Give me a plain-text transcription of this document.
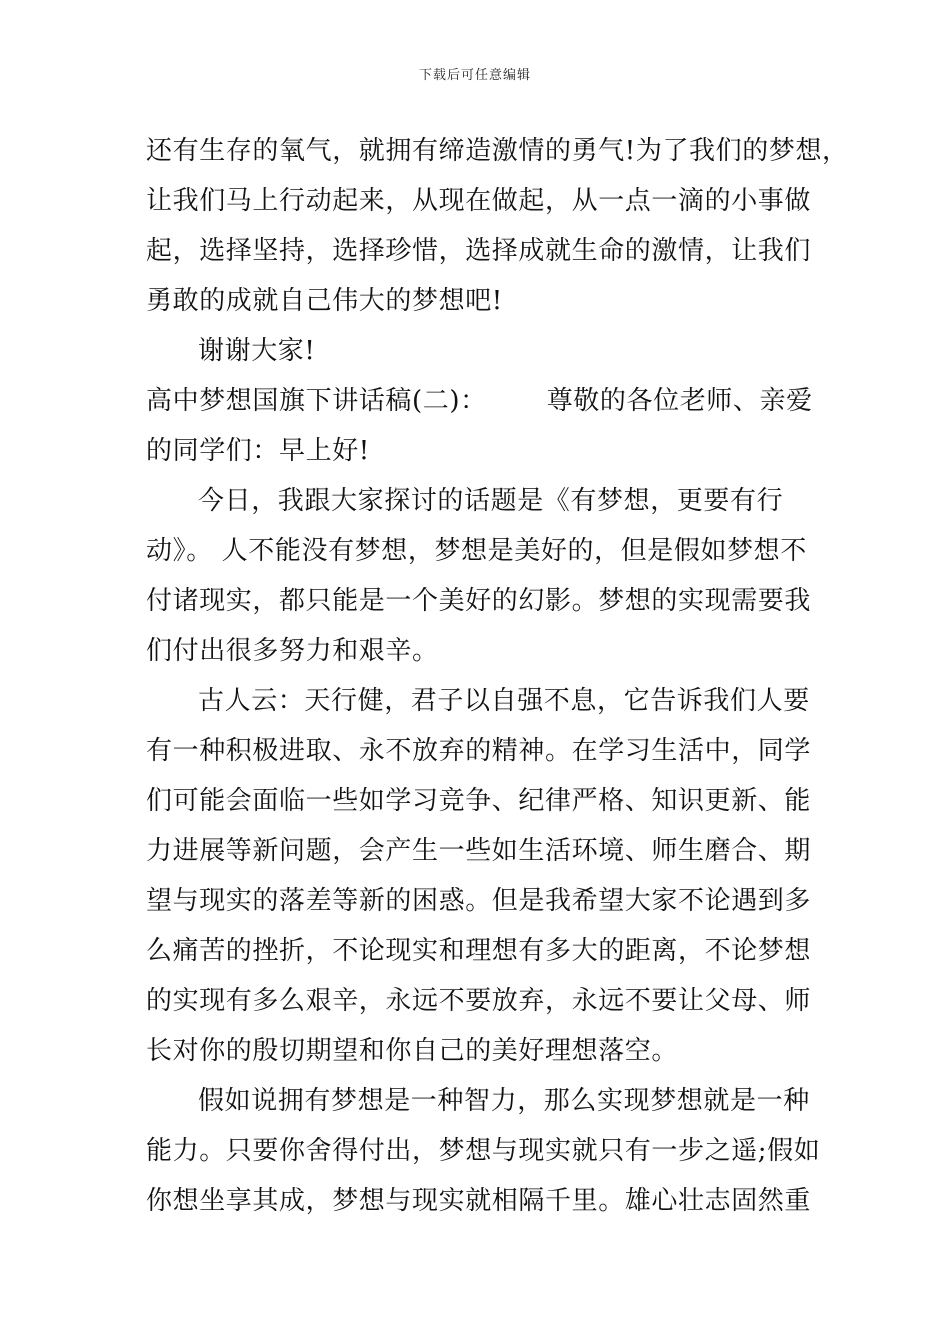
下载后可任意编辑
还有生存的氧气，就拥有缔造激情的勇气!为了我们的梦想，
让我们马上行动起来，从现在做起，从一点一滴的小事做
起，选择坚持，选择珍惜，选择成就生命的激情，让我们
勇敢的成就自己伟大的梦想吧!
谢谢大家!
高中梦想国旗下讲话稿(二)： 尊敬的各位老师、亲爱
的同学们：早上好!
今日，我跟大家探讨的话题是《有梦想，更要有行
动》。 人不能没有梦想，梦想是美好的，但是假如梦想不
付诸现实，都只能是一个美好的幻影。梦想的实现需要我
们付出很多努力和艰辛。
古人云：天行健，君子以自强不息，它告诉我们人要
有一种积极进取、永不放弃的精神。在学习生活中，同学
们可能会面临一些如学习竞争、纪律严格、知识更新、能
力进展等新问题，会产生一些如生活环境、师生磨合、期
望与现实的落差等新的困惑。但是我希望大家不论遇到多
么痛苦的挫折，不论现实和理想有多大的距离，不论梦想
的实现有多么艰辛，永远不要放弃，永远不要让父母、师
长对你的殷切期望和你自己的美好理想落空。
假如说拥有梦想是一种智力，那么实现梦想就是一种
能力。只要你舍得付出，梦想与现实就只有一步之遥;假如
你想坐享其成，梦想与现实就相隔千里。雄心壮志固然重
